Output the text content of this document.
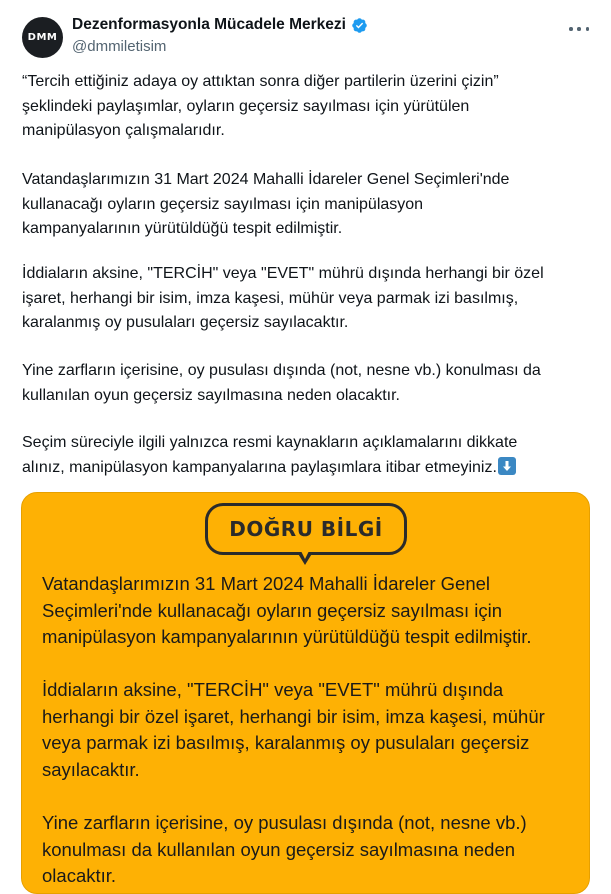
DMM
Dezenformasyonla Mücadele Merkezi
@dmmiletisim
“Tercih ettiğiniz adaya oy attıktan sonra diğer partilerin üzerini çizin”
şeklindeki paylaşımlar, oyların geçersiz sayılması için yürütülen
manipülasyon çalışmalarıdır.
Vatandaşlarımızın 31 Mart 2024 Mahalli İdareler Genel Seçimleri'nde
kullanacağı oyların geçersiz sayılması için manipülasyon
kampanyalarının yürütüldüğü tespit edilmiştir.
İddiaların aksine, "TERCİH" veya "EVET" mührü dışında herhangi bir özel
işaret, herhangi bir isim, imza kaşesi, mühür veya parmak izi basılmış,
karalanmış oy pusulaları geçersiz sayılacaktır.
Yine zarfların içerisine, oy pusulası dışında (not, nesne vb.) konulması da
kullanılan oyun geçersiz sayılmasına neden olacaktır.
Seçim süreciyle ilgili yalnızca resmi kaynakların açıklamalarını dikkate
alınız, manipülasyon kampanyalarına paylaşımlara itibar etmeyiniz.
DOĞRU BİLGİ
Vatandaşlarımızın 31 Mart 2024 Mahalli İdareler Genel
Seçimleri'nde kullanacağı oyların geçersiz sayılması için
manipülasyon kampanyalarının yürütüldüğü tespit edilmiştir.
İddiaların aksine, "TERCİH" veya "EVET" mührü dışında
herhangi bir özel işaret, herhangi bir isim, imza kaşesi, mühür
veya parmak izi basılmış, karalanmış oy pusulaları geçersiz
sayılacaktır.
Yine zarfların içerisine, oy pusulası dışında (not, nesne vb.)
konulması da kullanılan oyun geçersiz sayılmasına neden
olacaktır.
